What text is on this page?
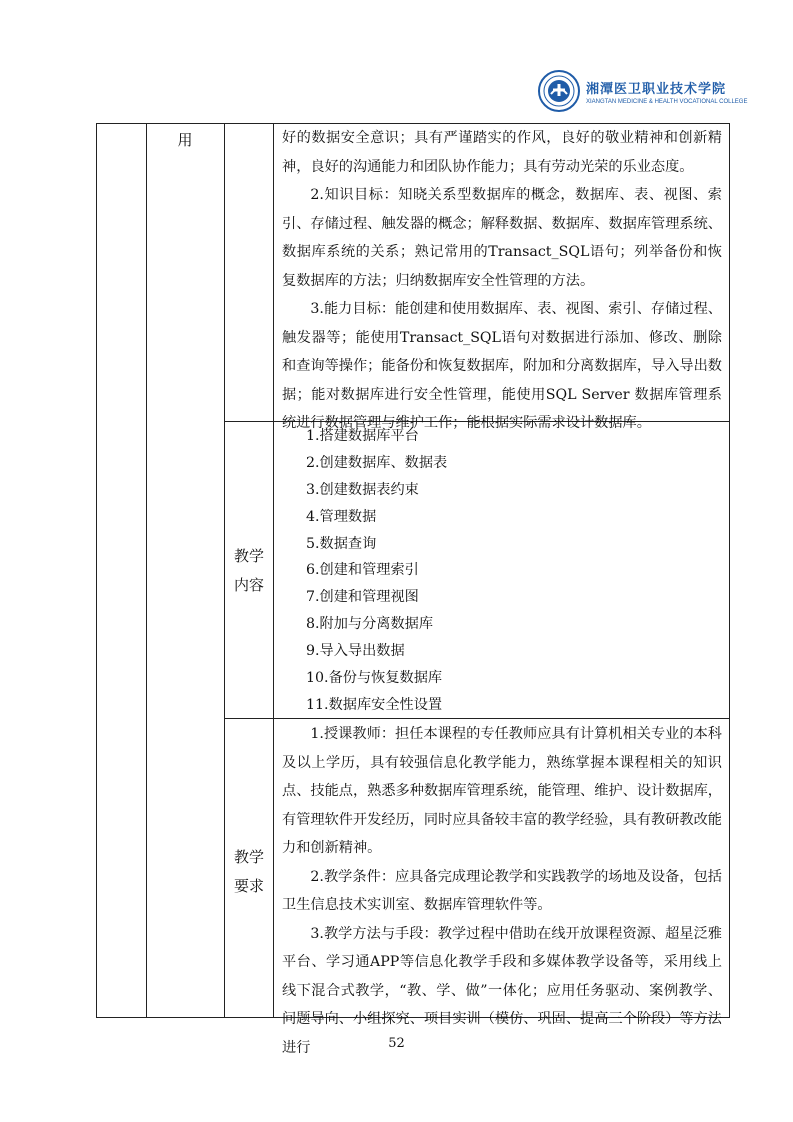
湘潭医卫职业技术学院
XIANGTAN MEDICINE & HEALTH VOCATIONAL COLLEGE
用	好的数据安全意识；具有严谨踏实的作风，良好的敬业精神和创新精神，良好的沟通能力和团队协作能力；具有劳动光荣的乐业态度。

2.知识目标：知晓关系型数据库的概念，数据库、表、视图、索引、存储过程、触发器的概念；解释数据、数据库、数据库管理系统、数据库系统的关系；熟记常用的Transact_SQL语句；列举备份和恢复数据库的方法；归纳数据库安全性管理的方法。

3.能力目标：能创建和使用数据库、表、视图、索引、存储过程、触发器等；能使用Transact_SQL语句对数据进行添加、修改、删除和查询等操作；能备份和恢复数据库，附加和分离数据库，导入导出数据；能对数据库进行安全性管理，能使用SQL Server 数据库管理系统进行数据管理与维护工作；能根据实际需求设计数据库。

教学
内容
1.搭建数据库平台
2.创建数据库、数据表
3.创建数据表约束
4.管理数据
5.数据查询
6.创建和管理索引
7.创建和管理视图
8.附加与分离数据库
9.导入导出数据
10.备份与恢复数据库
11.数据库安全性设置
教学
要求

1.授课教师：担任本课程的专任教师应具有计算机相关专业的本科及以上学历，具有较强信息化教学能力，熟练掌握本课程相关的知识点、技能点，熟悉多种数据库管理系统，能管理、维护、设计数据库，有管理软件开发经历，同时应具备较丰富的教学经验，具有教研教改能力和创新精神。

2.教学条件：应具备完成理论教学和实践教学的场地及设备，包括卫生信息技术实训室、数据库管理软件等。

3.教学方法与手段：教学过程中借助在线开放课程资源、超星泛雅平台、学习通APP等信息化教学手段和多媒体教学设备等，采用线上线下混合式教学，“教、学、做”一体化；应用任务驱动、案例教学、问题导向、小组探究、项目实训（模仿、巩固、提高三个阶段）等方法进行	52
